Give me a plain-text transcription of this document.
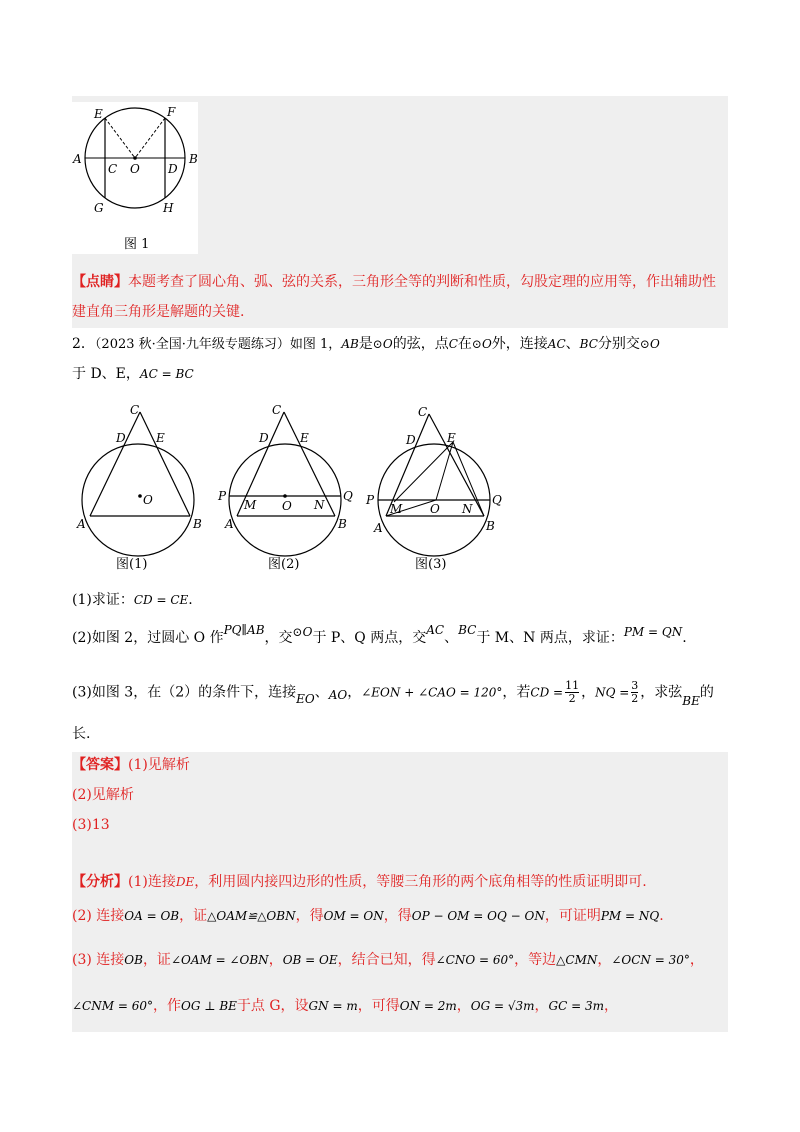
E	F
A	B
C O D
G	H
图 1
【点睛】本题考查了圆心角、弧、弦的关系，三角形全等的判断和性质，勾股定理的应用等，作出辅助性
建直角三角形是解题的关键.
2．（2023 秋·全国·九年级专题练习）如图 1，AB是⊙O的弦，点C在⊙O外，连接AC、BC分别交⊙O
于 D、E，AC = BC
C
D	E
O
A	B
图(1)
C
D	E
P
M O N
Q
A	B
图(2)
C
D	E
P
M O N
Q
A	B
图(3)
(1)求证：CD = CE.
(2)如图 2，过圆心 O 作PQ∥AB，交⊙O于 P、Q 两点，交AC、BC于 M、N 两点，求证：PM = QN.
(3)如图 3，在（2）的条件下，连接EO、AO，∠EON + ∠CAO = 120°，若CD = $\frac{11}{2}$ ，NQ = $\frac{3}{2}$ ，求弦BE的
长.
【答案】(1)见解析
(2)见解析
(3)13
【分析】(1)连接DE，利用圆内接四边形的性质，等腰三角形的两个底角相等的性质证明即可.
(2) 连接OA = OB，证△OAM≌△OBN，得OM = ON，得OP − OM = OQ − ON，可证明PM = NQ.
(3) 连接OB，证∠OAM = ∠OBN，OB = OE，结合已知，得∠CNO = 60°，等边△CMN，∠OCN = 30°，
∠CNM = 60°，作OG ⊥ BE于点 G，设GN = m，可得ON = 2m，OG = √3m，GC = 3m，
